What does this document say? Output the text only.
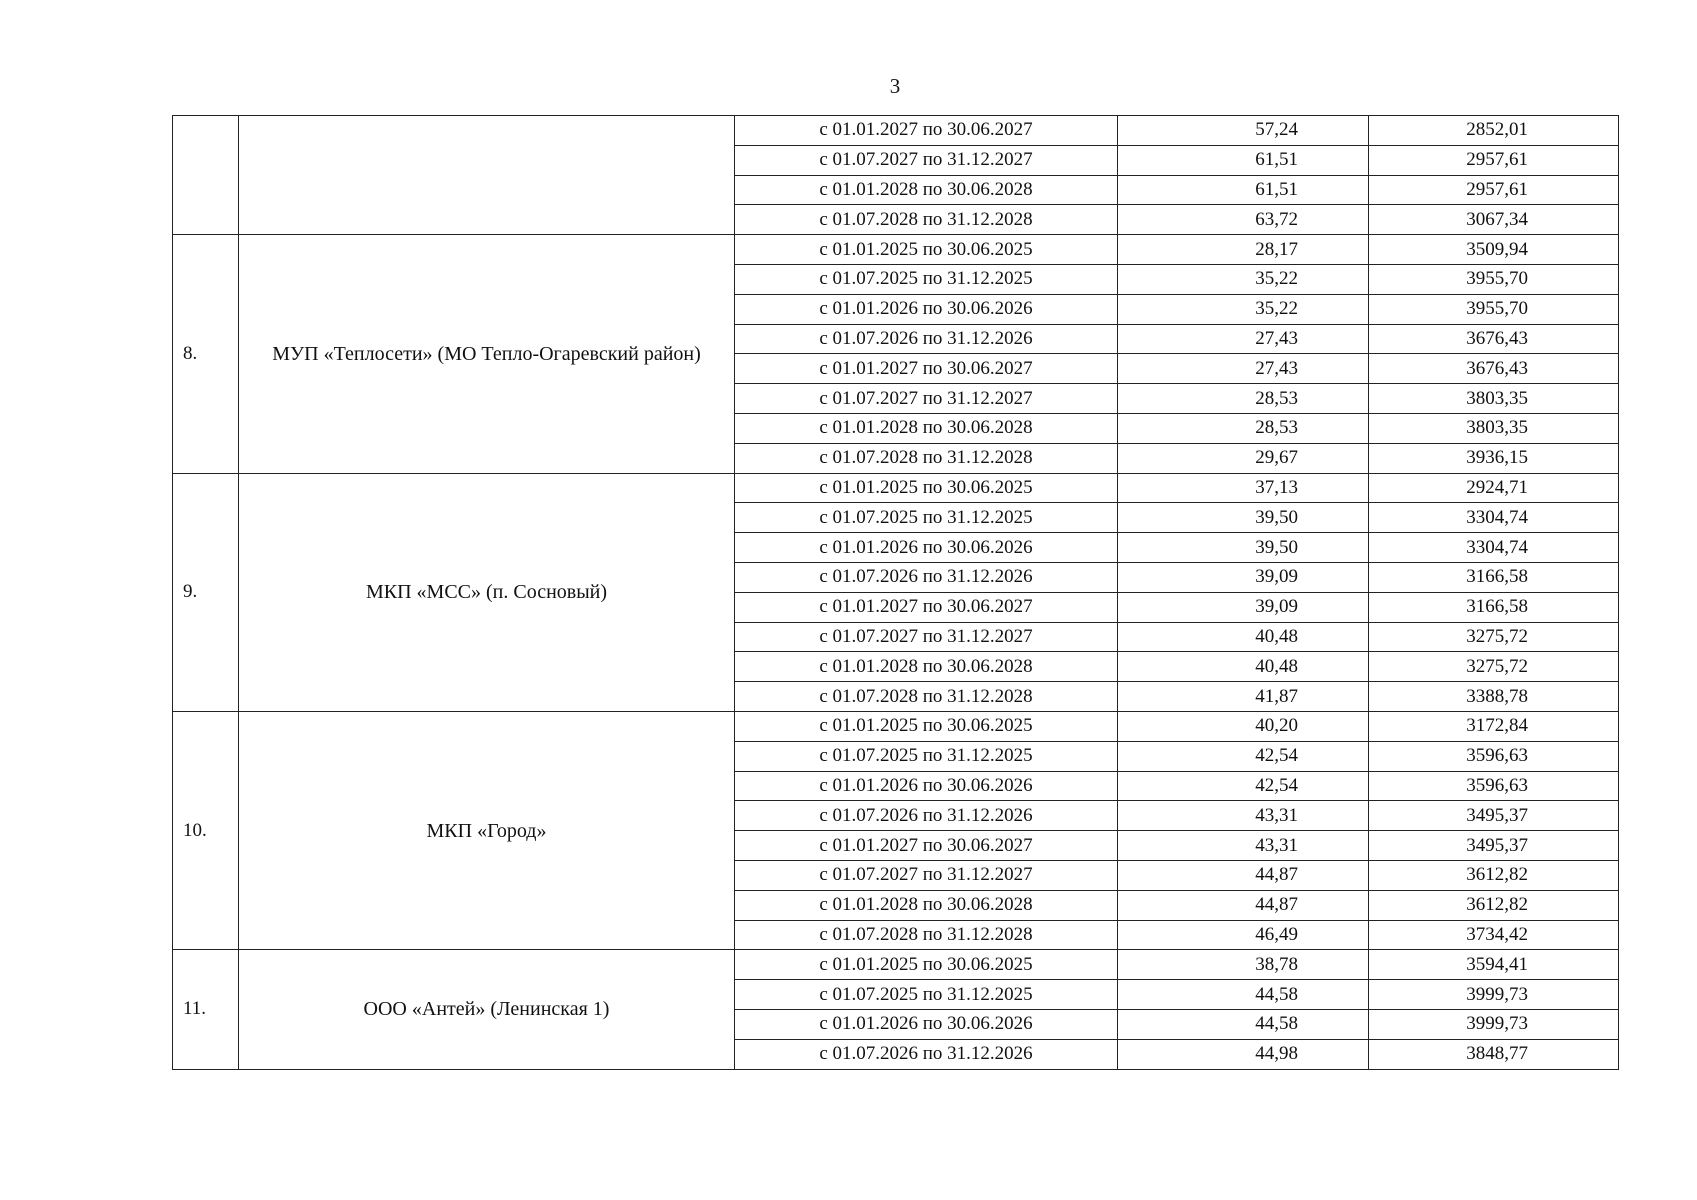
3
		с 01.01.2027 по 30.06.2027	57,24	2852,01
		с 01.07.2027 по 31.12.2027	61,51	2957,61
		с 01.01.2028 по 30.06.2028	61,51	2957,61
		с 01.07.2028 по 31.12.2028	63,72	3067,34
8.	МУП «Теплосети» (МО Тепло-Огаревский район)	с 01.01.2025 по 30.06.2025	28,17	3509,94
		с 01.07.2025 по 31.12.2025	35,22	3955,70
		с 01.01.2026 по 30.06.2026	35,22	3955,70
		с 01.07.2026 по 31.12.2026	27,43	3676,43
		с 01.01.2027 по 30.06.2027	27,43	3676,43
		с 01.07.2027 по 31.12.2027	28,53	3803,35
		с 01.01.2028 по 30.06.2028	28,53	3803,35
		с 01.07.2028 по 31.12.2028	29,67	3936,15
9.	МКП «МСС» (п. Сосновый)	с 01.01.2025 по 30.06.2025	37,13	2924,71
		с 01.07.2025 по 31.12.2025	39,50	3304,74
		с 01.01.2026 по 30.06.2026	39,50	3304,74
		с 01.07.2026 по 31.12.2026	39,09	3166,58
		с 01.01.2027 по 30.06.2027	39,09	3166,58
		с 01.07.2027 по 31.12.2027	40,48	3275,72
		с 01.01.2028 по 30.06.2028	40,48	3275,72
		с 01.07.2028 по 31.12.2028	41,87	3388,78
10.	МКП «Город»	с 01.01.2025 по 30.06.2025	40,20	3172,84
		с 01.07.2025 по 31.12.2025	42,54	3596,63
		с 01.01.2026 по 30.06.2026	42,54	3596,63
		с 01.07.2026 по 31.12.2026	43,31	3495,37
		с 01.01.2027 по 30.06.2027	43,31	3495,37
		с 01.07.2027 по 31.12.2027	44,87	3612,82
		с 01.01.2028 по 30.06.2028	44,87	3612,82
		с 01.07.2028 по 31.12.2028	46,49	3734,42
11.	ООО «Антей» (Ленинская 1)	с 01.01.2025 по 30.06.2025	38,78	3594,41
		с 01.07.2025 по 31.12.2025	44,58	3999,73
		с 01.01.2026 по 30.06.2026	44,58	3999,73
		с 01.07.2026 по 31.12.2026	44,98	3848,77
